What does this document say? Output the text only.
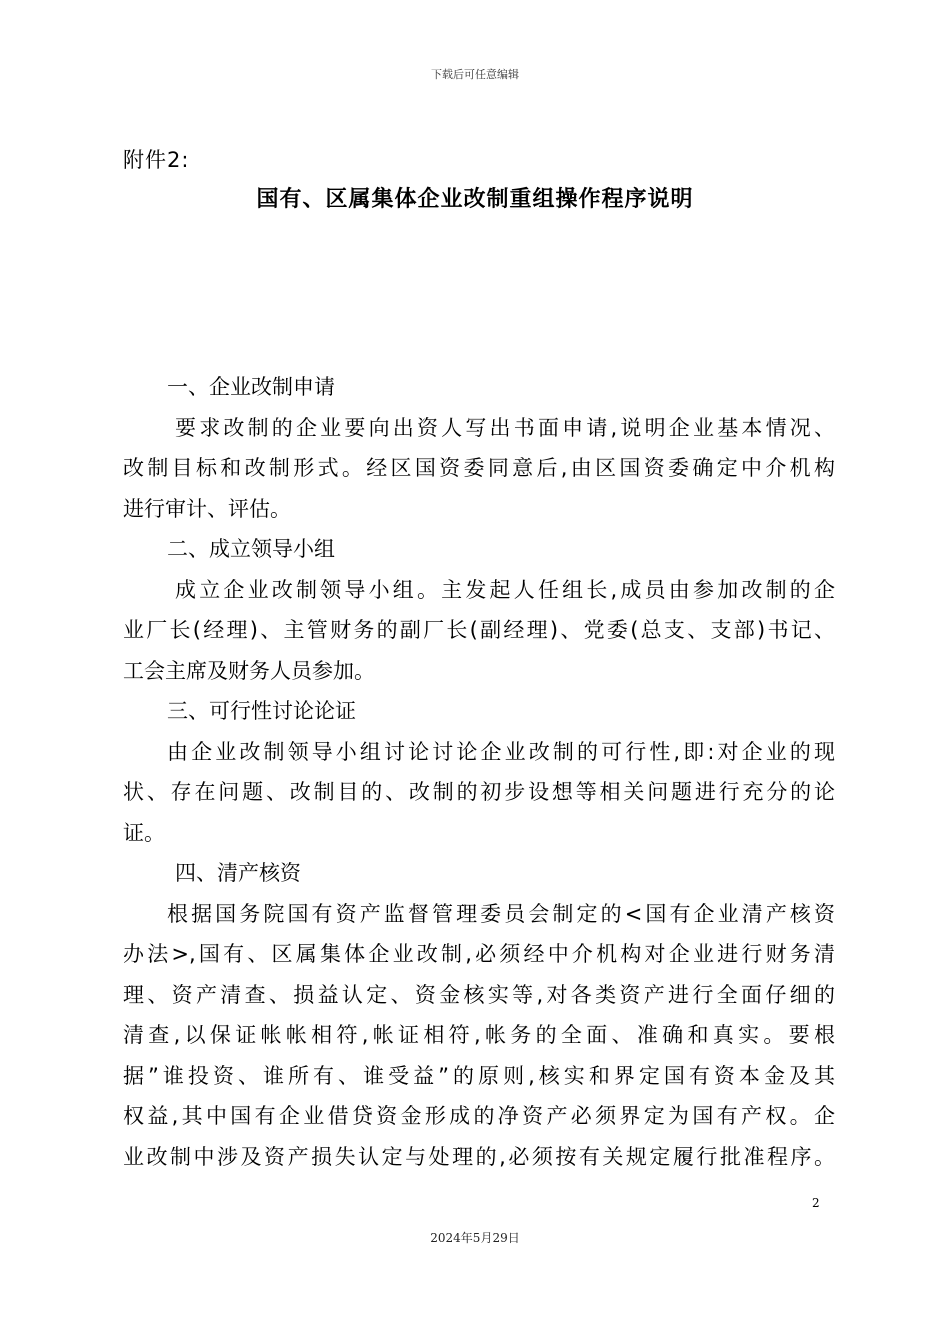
下载后可任意编辑
附件2:
国有、区属集体企业改制重组操作程序说明
一、企业改制申请
要求改制的企业要向出资人写出书面申请,说明企业基本情况、
改制目标和改制形式。经区国资委同意后,由区国资委确定中介机构
进行审计、评估。
二、成立领导小组
成立企业改制领导小组。主发起人任组长,成员由参加改制的企
业厂长(经理)、主管财务的副厂长(副经理)、党委(总支、支部)书记、
工会主席及财务人员参加。
三、可行性讨论论证
由企业改制领导小组讨论讨论企业改制的可行性,即:对企业的现
状、存在问题、改制目的、改制的初步设想等相关问题进行充分的论
证。
四、清产核资
根据国务院国有资产监督管理委员会制定的<国有企业清产核资
办法>,国有、区属集体企业改制,必须经中介机构对企业进行财务清
理、资产清查、损益认定、资金核实等,对各类资产进行全面仔细的
清查,以保证帐帐相符,帐证相符,帐务的全面、准确和真实。要根
据”谁投资、谁所有、谁受益”的原则,核实和界定国有资本金及其
权益,其中国有企业借贷资金形成的净资产必须界定为国有产权。企
业改制中涉及资产损失认定与处理的,必须按有关规定履行批准程序。
2
2024年5月29日
